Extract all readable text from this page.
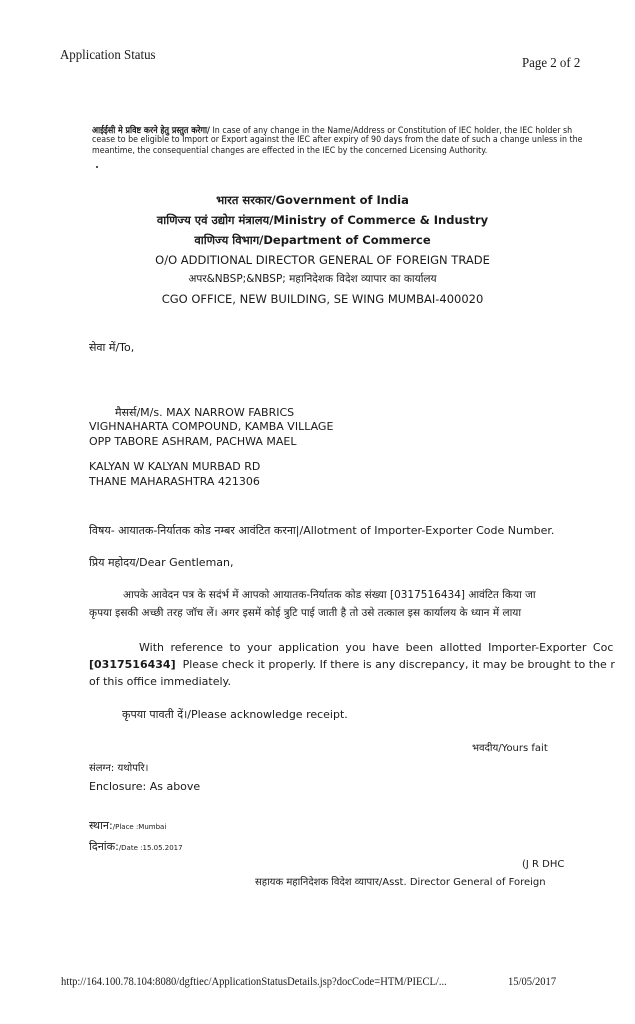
Application Status
Page 2 of 2
आईईसी मे प्रविष्ट करने हेतु प्रस्तुत करेगा/ In case of any change in the Name/Address or Constitution of IEC holder, the IEC holder sh
cease to be eligible to Import or Export against the IEC after expiry of 90 days from the date of such a change unless in the
meantime, the consequential changes are effected in the IEC by the concerned Licensing Authority.
भारत सरकार/Government of India
वाणिज्य एवं उद्योग मंत्रालय/Ministry of Commerce & Industry
वाणिज्य विभाग/Department of Commerce
O/O ADDITIONAL DIRECTOR GENERAL OF FOREIGN TRADE
अपर&NBSP;&NBSP; महानिदेशक विदेश व्यापार का कार्यालय
CGO OFFICE, NEW BUILDING, SE WING MUMBAI-400020
सेवा में/To,
मैसर्स/M/s. MAX NARROW FABRICS
VIGHNAHARTA COMPOUND, KAMBA VILLAGE
OPP TABORE ASHRAM, PACHWA MAEL
KALYAN W KALYAN MURBAD RD
THANE MAHARASHTRA 421306
विषय- आयातक-निर्यातक कोड नम्बर आवंटित करना|/Allotment of Importer-Exporter Code Number.
प्रिय महोदय/Dear Gentleman,
आपके आवेदन पत्र के सदंर्भ में आपको आयातक-निर्यातक कोड संख्या [0317516434] आवंटित किया जा
कृपया इसकी अच्छी तरह जॉच लें। अगर इसमें कोई त्रुटि पाई जाती है तो उसे तत्काल इस कार्यालय के ध्यान में लाया
With reference to your application you have been allotted Importer-Exporter Coc
[0317516434] Please check it properly. If there is any discrepancy, it may be brought to the r
of this office immediately.
कृपया पावती दें।/Please acknowledge receipt.
भवदीय/Yours fait
संलग्न: यथोपरि।
Enclosure: As above
स्थान:/Place :Mumbai
दिनांक:/Date :15.05.2017
(J R DHC
सहायक महानिदेशक विदेश व्यापार/Asst. Director General of Foreign
http://164.100.78.104:8080/dgftiec/ApplicationStatusDetails.jsp?docCode=HTM/PIECL/...	15/05/2017
